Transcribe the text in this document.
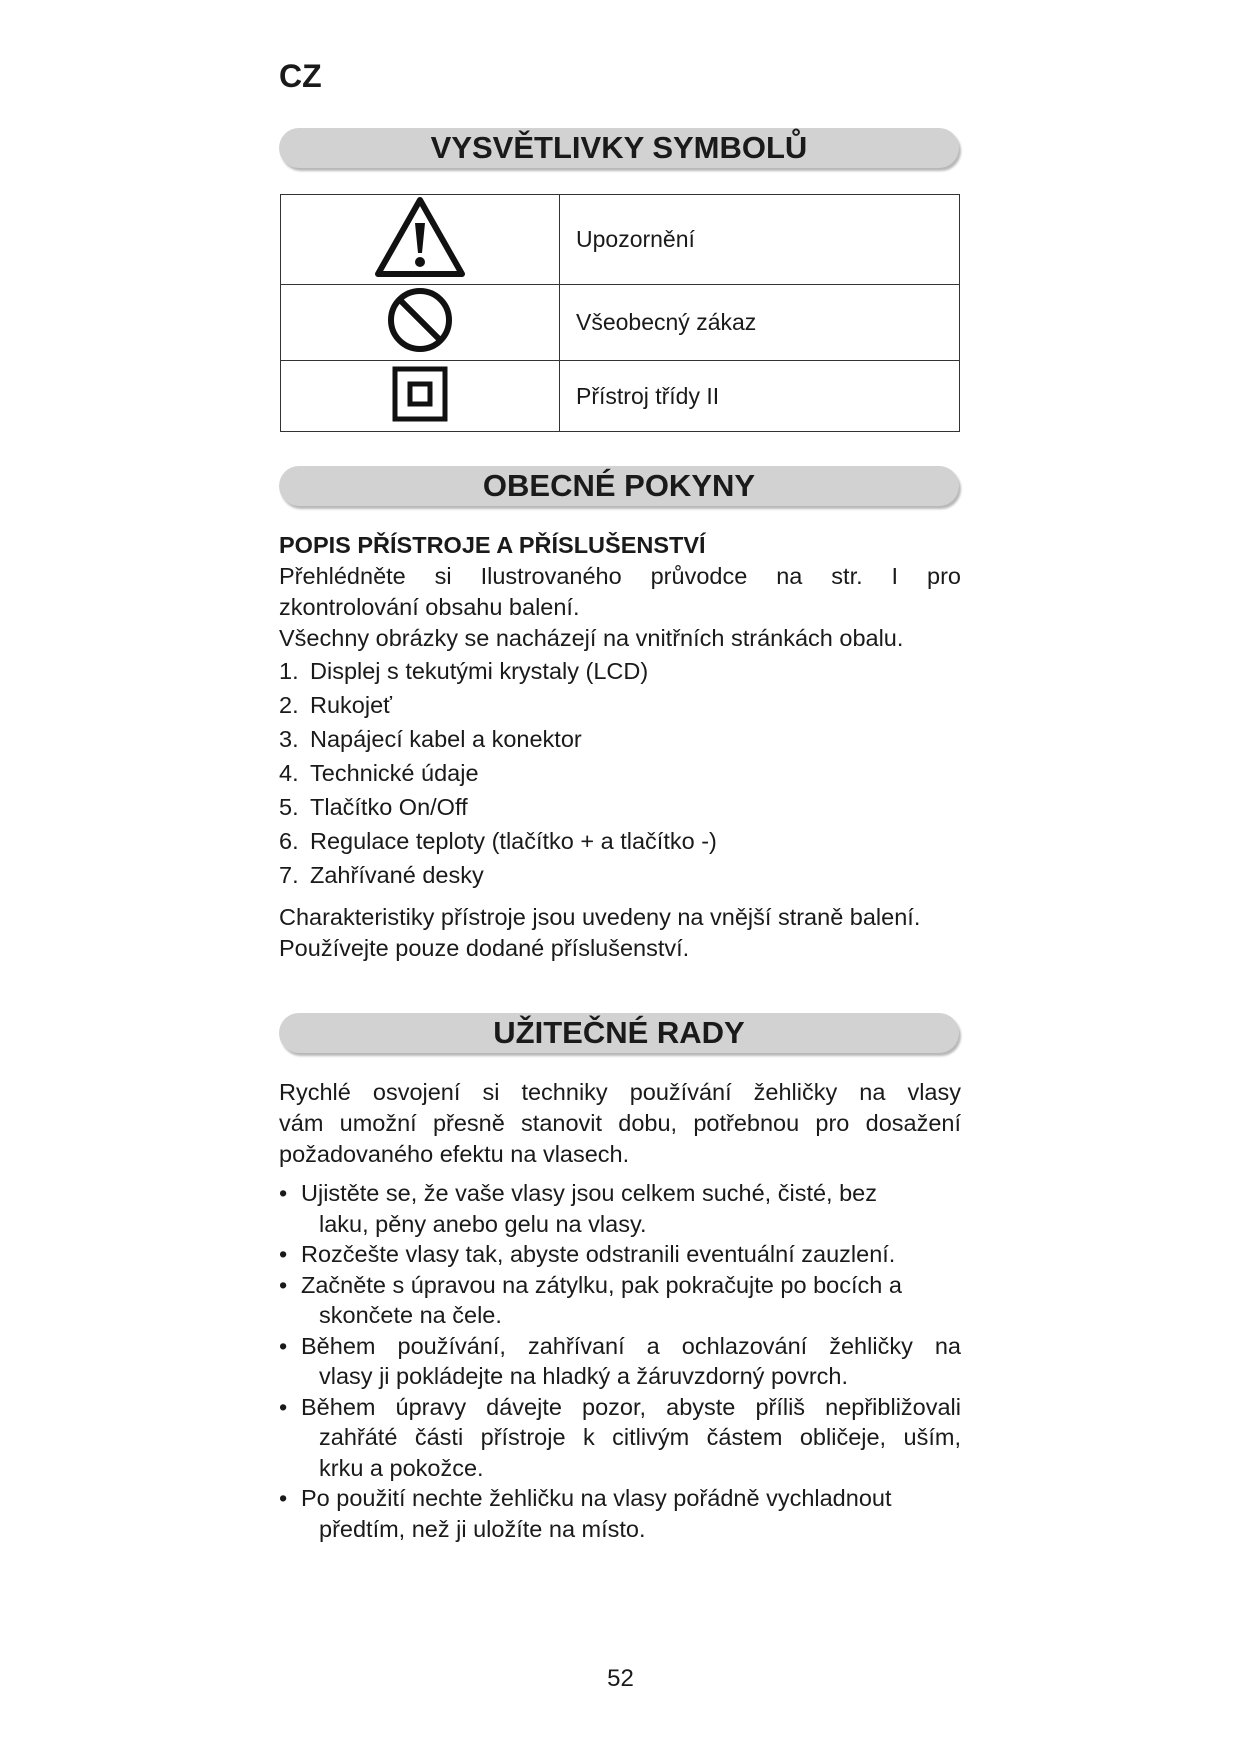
CZ
VYSVĚTLIVKY SYMBOLŮ
	Upozornění
	Všeobecný zákaz
	Přístroj třídy II
OBECNÉ POKYNY
POPIS PŘÍSTROJE A PŘÍSLUŠENSTVÍ
Přehlédněte si Ilustrovaného průvodce na str. I pro
zkontrolování obsahu balení.
Všechny obrázky se nacházejí na vnitřních stránkách obalu.
1. Displej s tekutými krystaly (LCD)
2. Rukojeť
3. Napájecí kabel a konektor
4. Technické údaje
5. Tlačítko On/Off
6. Regulace teploty (tlačítko + a tlačítko -)
7. Zahřívané desky
Charakteristiky přístroje jsou uvedeny na vnější straně balení.
Používejte pouze dodané příslušenství.
UŽITEČNÉ RADY
Rychlé osvojení si techniky používání žehličky na vlasy
vám umožní přesně stanovit dobu, potřebnou pro dosažení
požadovaného efektu na vlasech.
• Ujistěte se, že vaše vlasy jsou celkem suché, čisté, bez
laku, pěny anebo gelu na vlasy.
• Rozčešte vlasy tak, abyste odstranili eventuální zauzlení.
• Začněte s úpravou na zátylku, pak pokračujte po bocích a
skončete na čele.
• Během používání, zahřívaní a ochlazování žehličky na
vlasy ji pokládejte na hladký a žáruvzdorný povrch.
• Během úpravy dávejte pozor, abyste příliš nepřibližovali
zahřáté části přístroje k citlivým částem obličeje, uším,
krku a pokožce.
• Po použití nechte žehličku na vlasy pořádně vychladnout
předtím, než ji uložíte na místo.
52
